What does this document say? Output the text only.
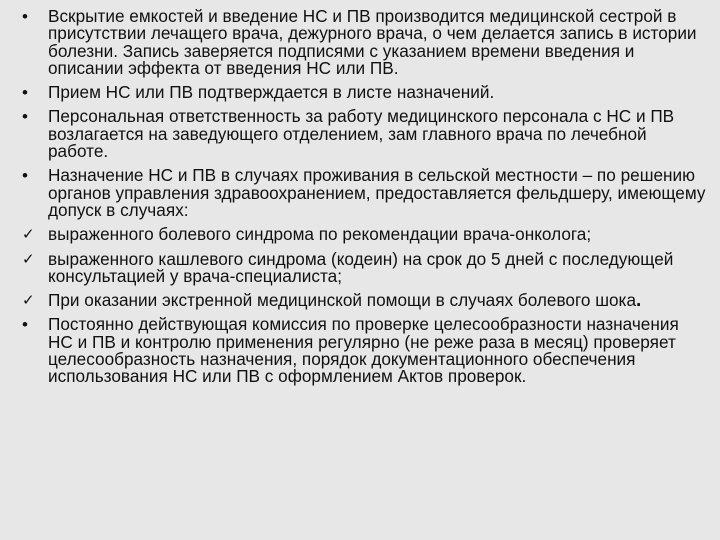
•	Вскрытие емкостей и введение НС и ПВ производится медицинской сестрой в присутствии лечащего врача, дежурного врача, о чем делается запись в истории болезни. Запись заверяется подписями с указанием времени введения и описании эффекта от введения НС или ПВ.
•	Прием НС или ПВ подтверждается в листе назначений.
•	Персональная ответственность за работу медицинского персонала с НС и ПВ возлагается на заведующего отделением, зам главного врача по лечебной работе.
•	Назначение НС и ПВ в случаях проживания в сельской местности – по решению органов управления здравоохранением, предоставляется фельдшеру, имеющему допуск в случаях:
✓ выраженного болевого синдрома по рекомендации врача-онколога;
✓ выраженного кашлевого синдрома (кодеин) на срок до 5 дней с последующей консультацией у врача-специалиста;
✓ При оказании экстренной медицинской помощи в случаях болевого шока.
•	Постоянно действующая комиссия по проверке целесообразности назначения НС и ПВ и контролю применения регулярно (не реже раза в месяц) проверяет целесообразность назначения, порядок документационного обеспечения использования НС или ПВ с оформлением Актов проверок.
